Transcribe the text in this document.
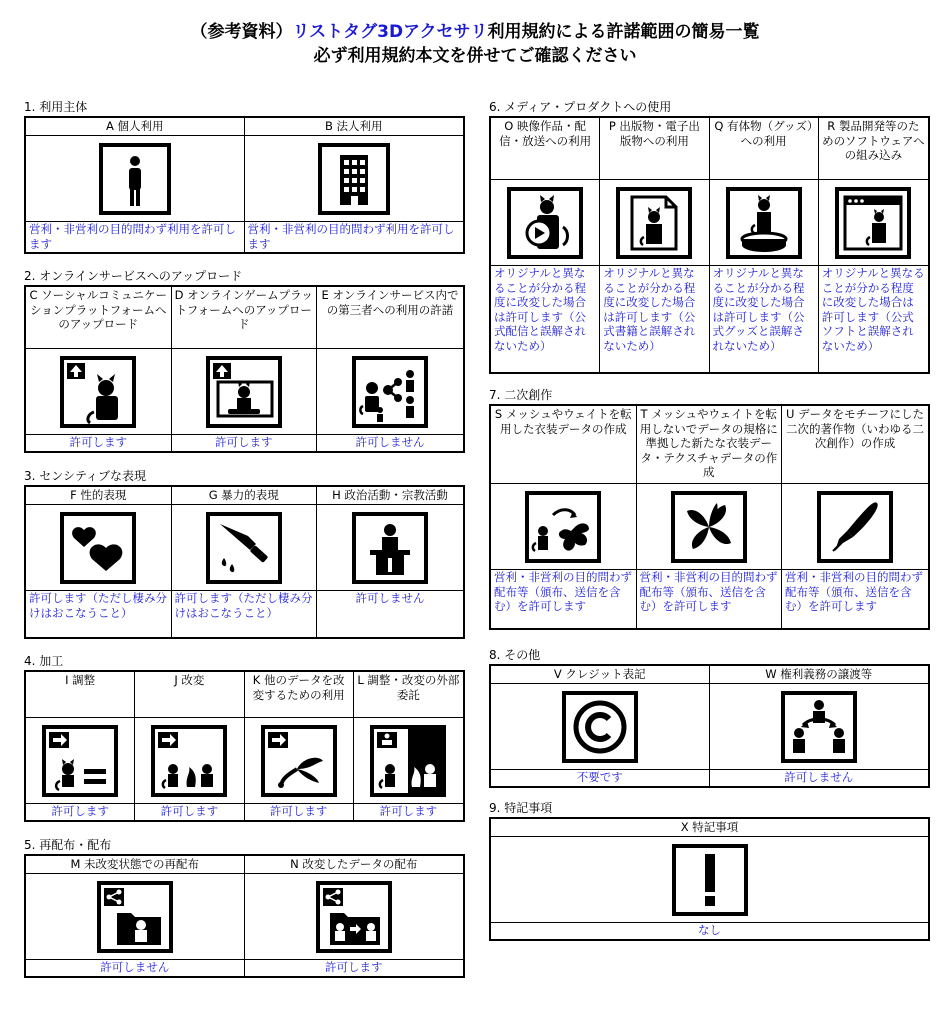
（参考資料）リストタグ3Dアクセサリ利用規約による許諾範囲の簡易一覧
必ず利用規約本文を併せてご確認ください
1. 利用主体
A 個人利用
営利・非営利の目的問わず利用を許可します
B 法人利用
営利・非営利の目的問わず利用を許可します
2. オンラインサービスへのアップロード
C ソーシャルコミュニケーションプラットフォームへのアップロード
許可します
D オンラインゲームプラットフォームへのアップロード
許可します
E オンラインサービス内での第三者への利用の許諾
許可しません
3. センシティブな表現
F 性的表現
許可します（ただし棲み分けはおこなうこと）
G 暴力的表現
許可します（ただし棲み分けはおこなうこと）
H 政治活動・宗教活動
許可しません
4. 加工
I 調整
許可します
J 改変
許可します
K 他のデータを改変するための利用
許可します
L 調整・改変の外部委託
許可します
5. 再配布・配布
M 未改変状態での再配布
許可しません
N 改変したデータの配布
許可します
6. メディア・プロダクトへの使用
O 映像作品・配信・放送への利用
オリジナルと異なることが分かる程度に改変した場合は許可します（公式配信と誤解されないため）
P 出版物・電子出版物への利用
オリジナルと異なることが分かる程度に改変した場合は許可します（公式書籍と誤解されないため）
Q 有体物（グッズ）への利用
オリジナルと異なることが分かる程度に改変した場合は許可します（公式グッズと誤解されないため）
R 製品開発等のためのソフトウェアへの組み込み
オリジナルと異なることが分かる程度に改変した場合は許可します（公式ソフトと誤解されないため）
7. 二次創作
S メッシュやウェイトを転用した衣装データの作成
営利・非営利の目的問わず配布等（頒布、送信を含む）を許可します
T メッシュやウェイトを転用しないでデータの規格に準拠した新たな衣装データ・テクスチャデータの作成
営利・非営利の目的問わず配布等（頒布、送信を含む）を許可します
U データをモチーフにした二次的著作物（いわゆる二次創作）の作成
営利・非営利の目的問わず配布等（頒布、送信を含む）を許可します
8. その他
V クレジット表記
不要です
W 権利義務の譲渡等
許可しません
9. 特記事項
X 特記事項
なし
